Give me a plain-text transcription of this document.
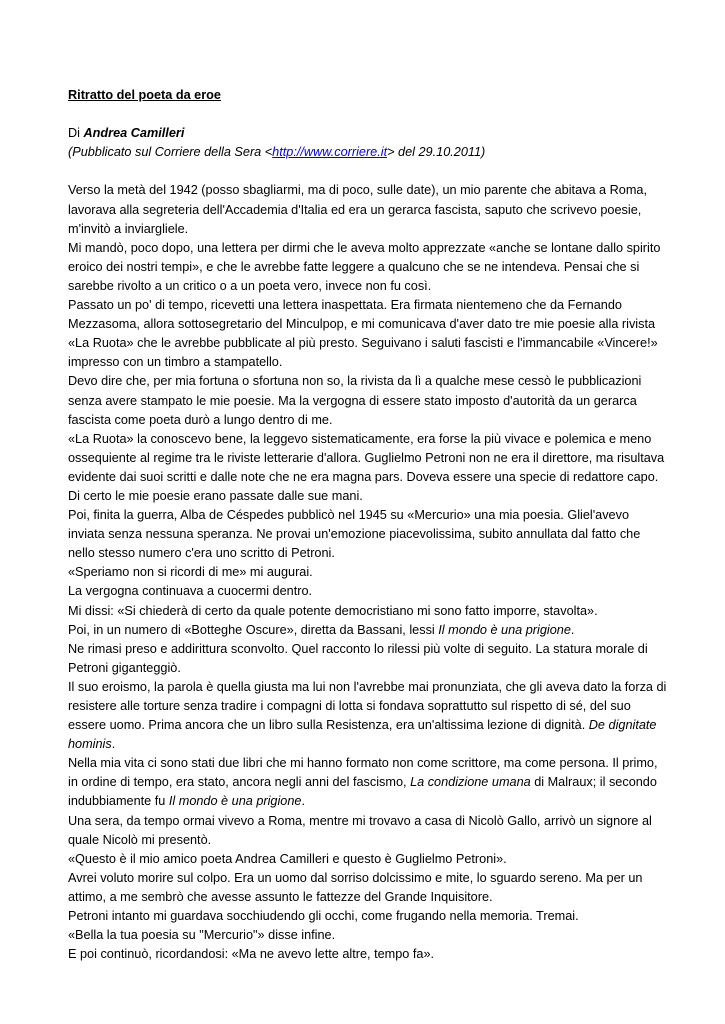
Ritratto del poeta da eroe

Di Andrea Camilleri

(Pubblicato sul Corriere della Sera <http://www.corriere.it> del 29.10.2011)

Verso la metà del 1942 (posso sbagliarmi, ma di poco, sulle date), un mio parente che abitava a Roma, lavorava alla segreteria dell'Accademia d'Italia ed era un gerarca fascista, saputo che scrivevo poesie, m'invitò a inviargliele.

Mi mandò, poco dopo, una lettera per dirmi che le aveva molto apprezzate «anche se lontane dallo spirito eroico dei nostri tempi», e che le avrebbe fatte leggere a qualcuno che se ne intendeva. Pensai che si sarebbe rivolto a un critico o a un poeta vero, invece non fu così.

Passato un po' di tempo, ricevetti una lettera inaspettata. Era firmata nientemeno che da Fernando Mezzasoma, allora sottosegretario del Minculpop, e mi comunicava d'aver dato tre mie poesie alla rivista «La Ruota» che le avrebbe pubblicate al più presto. Seguivano i saluti fascisti e l'immancabile «Vincere!» impresso con un timbro a stampatello.

Devo dire che, per mia fortuna o sfortuna non so, la rivista da lì a qualche mese cessò le pubblicazioni senza avere stampato le mie poesie. Ma la vergogna di essere stato imposto d'autorità da un gerarca fascista come poeta durò a lungo dentro di me.

«La Ruota» la conoscevo bene, la leggevo sistematicamente, era forse la più vivace e polemica e meno ossequiente al regime tra le riviste letterarie d'allora. Guglielmo Petroni non ne era il direttore, ma risultava evidente dai suoi scritti e dalle note che ne era magna pars. Doveva essere una specie di redattore capo. Di certo le mie poesie erano passate dalle sue mani.

Poi, finita la guerra, Alba de Céspedes pubblicò nel 1945 su «Mercurio» una mia poesia. Gliel'avevo inviata senza nessuna speranza. Ne provai un'emozione piacevolissima, subito annullata dal fatto che nello stesso numero c'era uno scritto di Petroni.

«Speriamo non si ricordi di me» mi augurai.

La vergogna continuava a cuocermi dentro.

Mi dissi: «Si chiederà di certo da quale potente democristiano mi sono fatto imporre, stavolta».

Poi, in un numero di «Botteghe Oscure», diretta da Bassani, lessi Il mondo è una prigione.

Ne rimasi preso e addirittura sconvolto. Quel racconto lo rilessi più volte di seguito. La statura morale di Petroni giganteggiò.

Il suo eroismo, la parola è quella giusta ma lui non l'avrebbe mai pronunziata, che gli aveva dato la forza di resistere alle torture senza tradire i compagni di lotta si fondava soprattutto sul rispetto di sé, del suo essere uomo. Prima ancora che un libro sulla Resistenza, era un'altissima lezione di dignità. De dignitate hominis.

Nella mia vita ci sono stati due libri che mi hanno formato non come scrittore, ma come persona. Il primo, in ordine di tempo, era stato, ancora negli anni del fascismo, La condizione umana di Malraux; il secondo indubbiamente fu Il mondo è una prigione.

Una sera, da tempo ormai vivevo a Roma, mentre mi trovavo a casa di Nicolò Gallo, arrivò un signore al quale Nicolò mi presentò.

«Questo è il mio amico poeta Andrea Camilleri e questo è Guglielmo Petroni».

Avrei voluto morire sul colpo. Era un uomo dal sorriso dolcissimo e mite, lo sguardo sereno. Ma per un attimo, a me sembrò che avesse assunto le fattezze del Grande Inquisitore.

Petroni intanto mi guardava socchiudendo gli occhi, come frugando nella memoria. Tremai.

«Bella la tua poesia su "Mercurio"» disse infine.

E poi continuò, ricordandosi: «Ma ne avevo lette altre, tempo fa».
